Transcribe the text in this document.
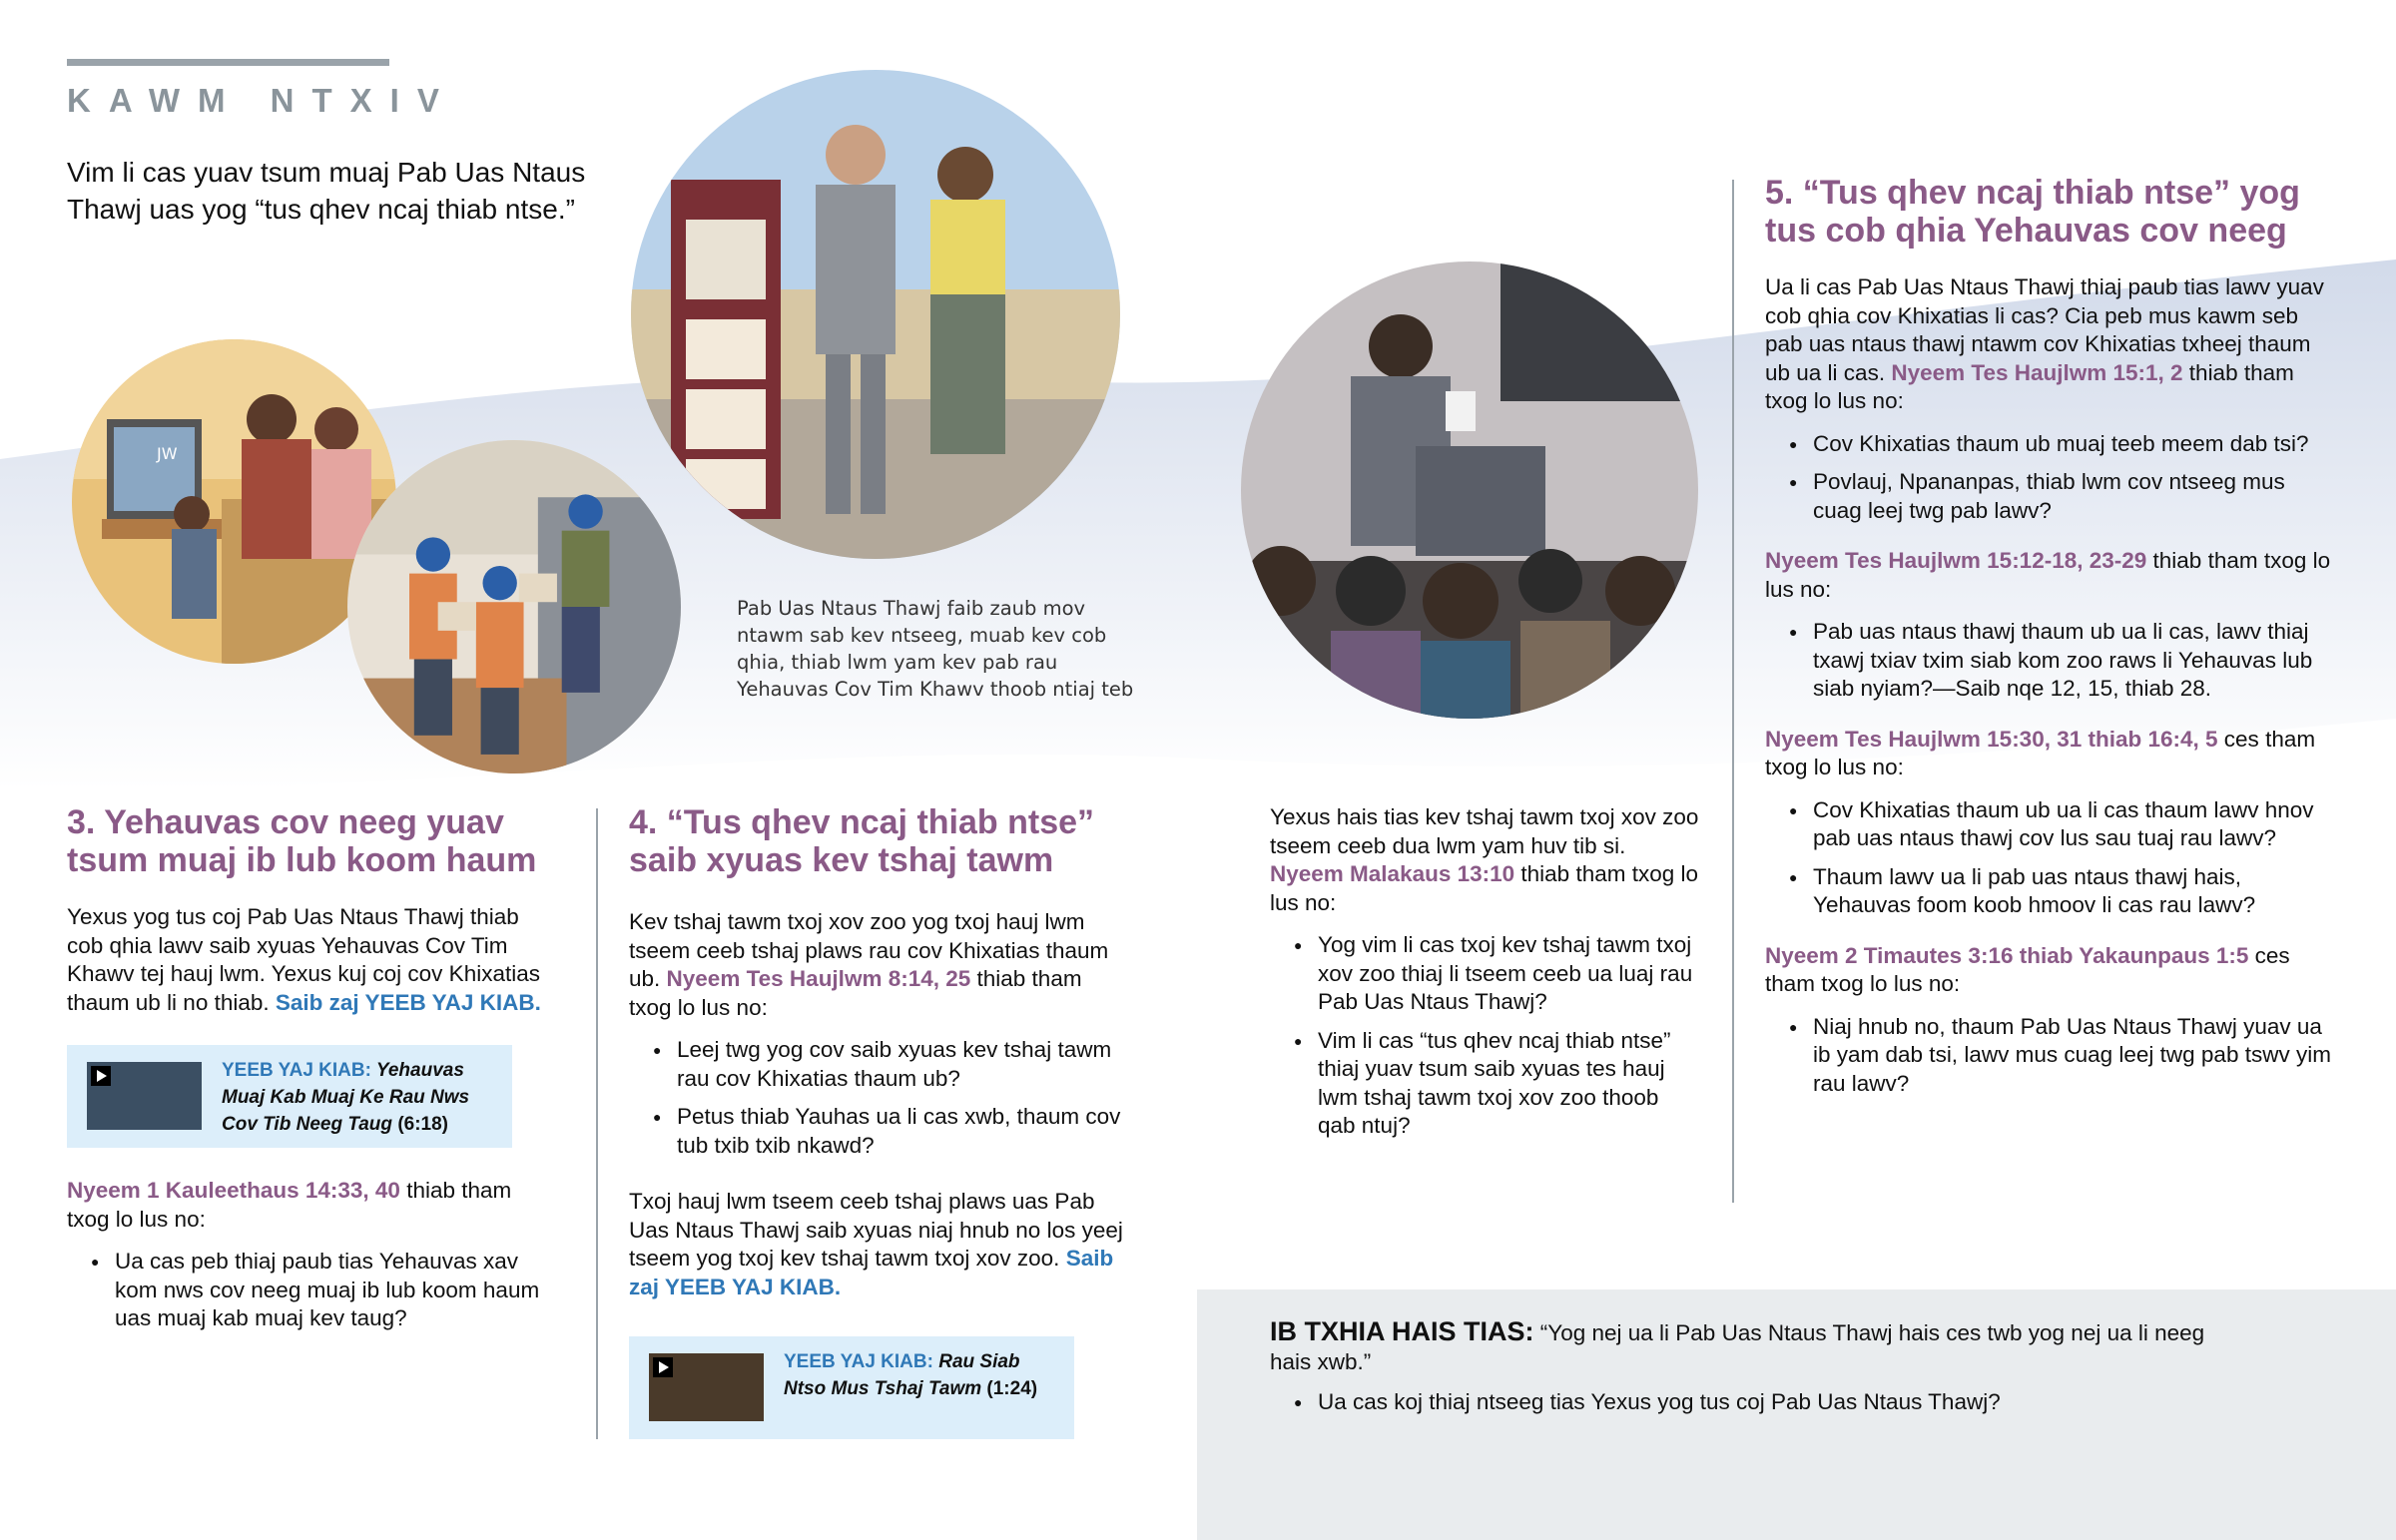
KAWM NTXIV
Vim li cas yuav tsum muaj Pab Uas Ntaus Thawj uas yog “tus qhev ncaj thiab ntse.”
JW
Pab Uas Ntaus Thawj faib zaub mov ntawm sab kev ntseeg, muab kev cob qhia, thiab lwm yam kev pab rau Yehauvas Cov Tim Khawv thoob ntiaj teb
3. Yehauvas cov neeg yuav tsum muaj ib lub koom haum

Yexus yog tus coj Pab Uas Ntaus Thawj thiab cob qhia lawv saib xyuas Yehauvas Cov Tim Khawv tej hauj lwm. Yexus kuj coj cov Khixatias thaum ub li no thiab. Saib zaj YEEB YAJ KIAB.

YEEB YAJ KIAB: Yehauvas Muaj Kab Muaj Ke Rau Nws Cov Tib Neeg Taug (6:18)

Nyeem 1 Kauleethaus 14:33, 40 thiab tham txog lo lus no:

● Ua cas peb thiaj paub tias Yehauvas xav kom nws cov neeg muaj ib lub koom haum uas muaj kab muaj kev taug?
4. “Tus qhev ncaj thiab ntse” saib xyuas kev tshaj tawm

Kev tshaj tawm txoj xov zoo yog txoj hauj lwm tseem ceeb tshaj plaws rau cov Khixatias thaum ub. Nyeem Tes Haujlwm 8:14, 25 thiab tham txog lo lus no:

● Leej twg yog cov saib xyuas kev tshaj tawm rau cov Khixatias thaum ub?
● Petus thiab Yauhas ua li cas xwb, thaum cov tub txib txib nkawd?

Txoj hauj lwm tseem ceeb tshaj plaws uas Pab Uas Ntaus Thawj saib xyuas niaj hnub no los yeej tseem yog txoj kev tshaj tawm txoj xov zoo. Saib zaj YEEB YAJ KIAB.

YEEB YAJ KIAB: Rau Siab Ntso Mus Tshaj Tawm (1:24)

Yexus hais tias kev tshaj tawm txoj xov zoo tseem ceeb dua lwm yam huv tib si. Nyeem Malakaus 13:10 thiab tham txog lo lus no:

● Yog vim li cas txoj kev tshaj tawm txoj xov zoo thiaj li tseem ceeb ua luaj rau Pab Uas Ntaus Thawj?
● Vim li cas “tus qhev ncaj thiab ntse” thiaj yuav tsum saib xyuas tes hauj lwm tshaj tawm txoj xov zoo thoob qab ntuj?
5. “Tus qhev ncaj thiab ntse” yog tus cob qhia Yehauvas cov neeg

Ua li cas Pab Uas Ntaus Thawj thiaj paub tias lawv yuav cob qhia cov Khixatias li cas? Cia peb mus kawm seb pab uas ntaus thawj ntawm cov Khixatias txheej thaum ub ua li cas. Nyeem Tes Haujlwm 15:1, 2 thiab tham txog lo lus no:

● Cov Khixatias thaum ub muaj teeb meem dab tsi?
● Povlauj, Npananpas, thiab lwm cov ntseeg mus cuag leej twg pab lawv?

Nyeem Tes Haujlwm 15:12-18, 23-29 thiab tham txog lo lus no:

● Pab uas ntaus thawj thaum ub ua li cas, lawv thiaj txawj txiav txim siab kom zoo raws li Yehauvas lub siab nyiam?—Saib nqe 12, 15, thiab 28.

Nyeem Tes Haujlwm 15:30, 31 thiab 16:4, 5 ces tham txog lo lus no:

● Cov Khixatias thaum ub ua li cas thaum lawv hnov pab uas ntaus thawj cov lus sau tuaj rau lawv?
● Thaum lawv ua li pab uas ntaus thawj hais, Yehauvas foom koob hmoov li cas rau lawv?

Nyeem 2 Timautes 3:16 thiab Yakaunpaus 1:5 ces tham txog lo lus no:

● Niaj hnub no, thaum Pab Uas Ntaus Thawj yuav ua ib yam dab tsi, lawv mus cuag leej twg pab tswv yim rau lawv?

IB TXHIA HAIS TIAS: “Yog nej ua li Pab Uas Ntaus Thawj hais ces twb yog nej ua li neeg hais xwb.”

● Ua cas koj thiaj ntseeg tias Yexus yog tus coj Pab Uas Ntaus Thawj?
